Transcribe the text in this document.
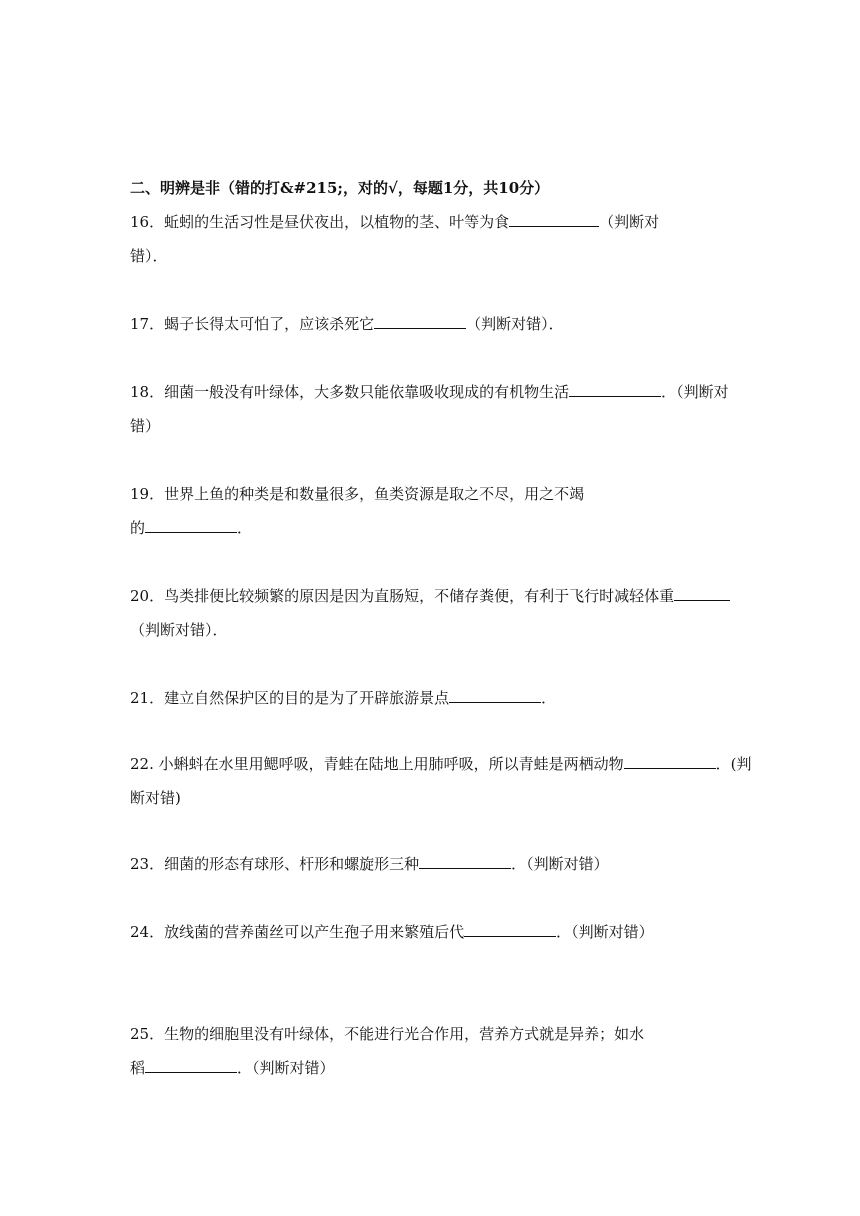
二、明辨是非（错的打&#215;，对的√，每题1分，共10分）
16．蚯蚓的生活习性是昼伏夜出，以植物的茎、叶等为食	（判断对
错）．
17．蝎子长得太可怕了，应该杀死它	（判断对错）．
18．细菌一般没有叶绿体，大多数只能依靠吸收现成的有机物生活	．（判断对
错）
19．世界上鱼的种类是和数量很多，鱼类资源是取之不尽，用之不竭
的	．
20．鸟类排便比较频繁的原因是因为直肠短，不储存粪便，有利于飞行时减轻体重
（判断对错）．
21．建立自然保护区的目的是为了开辟旅游景点	．
22. 小蝌蚪在水里用鳃呼吸，青蛙在陆地上用肺呼吸，所以青蛙是两栖动物	．(判
断对错)
23．细菌的形态有球形、杆形和螺旋形三种	．（判断对错）
24．放线菌的营养菌丝可以产生孢子用来繁殖后代	．（判断对错）
25．生物的细胞里没有叶绿体，不能进行光合作用，营养方式就是异养；如水
稻	．（判断对错）
